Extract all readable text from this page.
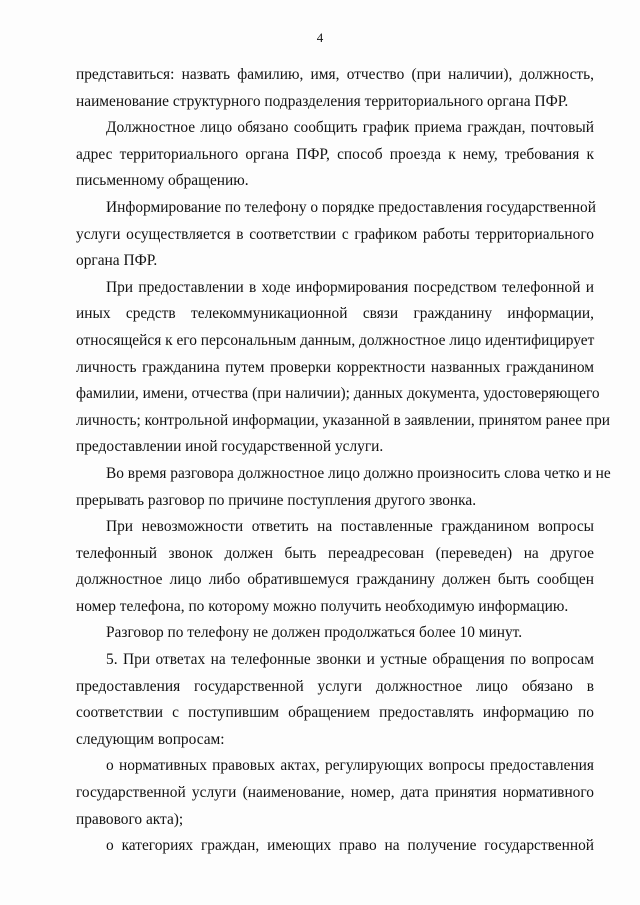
4
представиться: назвать фамилию, имя, отчество (при наличии), должность,
наименование структурного подразделения территориального органа ПФР.
Должностное лицо обязано сообщить график приема граждан, почтовый
адрес территориального органа ПФР, способ проезда к нему, требования к
письменному обращению.
Информирование по телефону о порядке предоставления государственной
услуги осуществляется в соответствии с графиком работы территориального
органа ПФР.
При предоставлении в ходе информирования посредством телефонной и
иных средств телекоммуникационной связи гражданину информации,
относящейся к его персональным данным, должностное лицо идентифицирует
личность гражданина путем проверки корректности названных гражданином
фамилии, имени, отчества (при наличии); данных документа, удостоверяющего
личность; контрольной информации, указанной в заявлении, принятом ранее при
предоставлении иной государственной услуги.
Во время разговора должностное лицо должно произносить слова четко и не
прерывать разговор по причине поступления другого звонка.
При невозможности ответить на поставленные гражданином вопросы
телефонный звонок должен быть переадресован (переведен) на другое
должностное лицо либо обратившемуся гражданину должен быть сообщен
номер телефона, по которому можно получить необходимую информацию.
Разговор по телефону не должен продолжаться более 10 минут.
5. При ответах на телефонные звонки и устные обращения по вопросам
предоставления государственной услуги должностное лицо обязано в
соответствии с поступившим обращением предоставлять информацию по
следующим вопросам:
о нормативных правовых актах, регулирующих вопросы предоставления
государственной услуги (наименование, номер, дата принятия нормативного
правового акта);
о категориях граждан, имеющих право на получение государственной
